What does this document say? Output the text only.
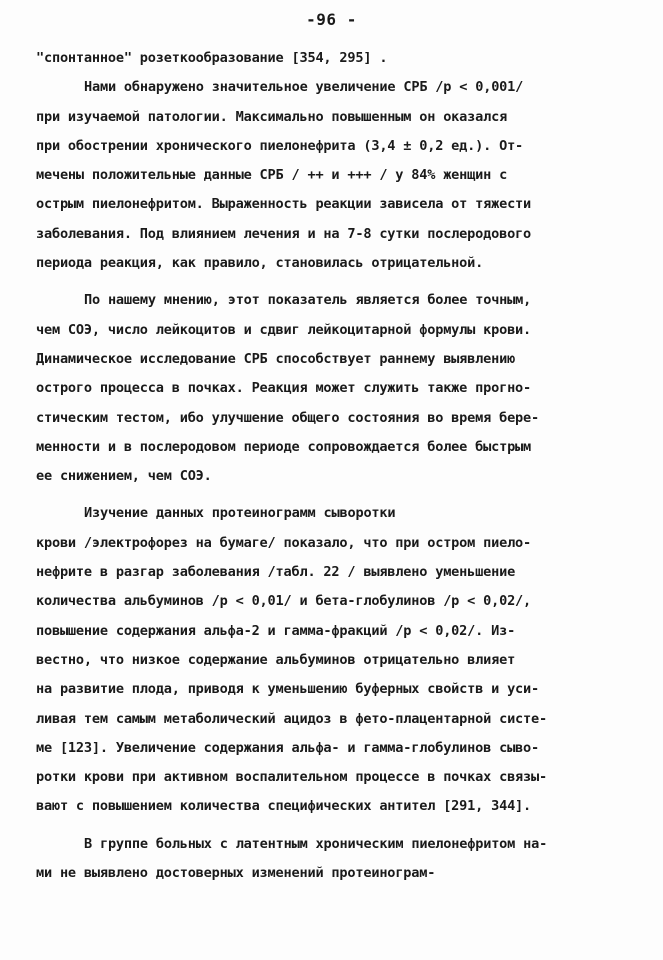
-96 -
"спонтанное" розеткообразование [354, 295] .
Нами обнаружено значительное увеличение СРБ /р < 0,001/
при изучаемой патологии. Максимально повышенным он оказался
при обострении хронического пиелонефрита (3,4 ± 0,2 ед.). От-
мечены положительные данные СРБ / ++ и +++ / у 84% женщин с
острым пиелонефритом. Выраженность реакции зависела от тяжести
заболевания. Под влиянием лечения и на 7-8 сутки послеродового
периода реакция, как правило, становилась отрицательной.
По нашему мнению, этот показатель является более точным,
чем СОЭ, число лейкоцитов и сдвиг лейкоцитарной формулы крови.
Динамическое исследование СРБ способствует раннему выявлению
острого процесса в почках. Реакция может служить также прогно-
стическим тестом, ибо улучшение общего состояния во время бере-
менности и в послеродовом периоде сопровождается более быстрым
ее снижением, чем СОЭ.
Изучение данных протеинограмм сыворотки
крови /электрофорез на бумаге/ показало, что при остром пиело-
нефрите в разгар заболевания /табл. 22 / выявлено уменьшение
количества альбуминов /р < 0,01/ и бета-глобулинов /р < 0,02/,
повышение содержания альфа-2 и гамма-фракций /р < 0,02/. Из-
вестно, что низкое содержание альбуминов отрицательно влияет
на развитие плода, приводя к уменьшению буферных свойств и уси-
ливая тем самым метаболический ацидоз в фето-плацентарной систе-
ме [123]. Увеличение содержания альфа- и гамма-глобулинов сыво-
ротки крови при активном воспалительном процессе в почках связы-
вают с повышением количества специфических антител [291, 344].
В группе больных с латентным хроническим пиелонефритом на-
ми не выявлено достоверных изменений протеинограм-
